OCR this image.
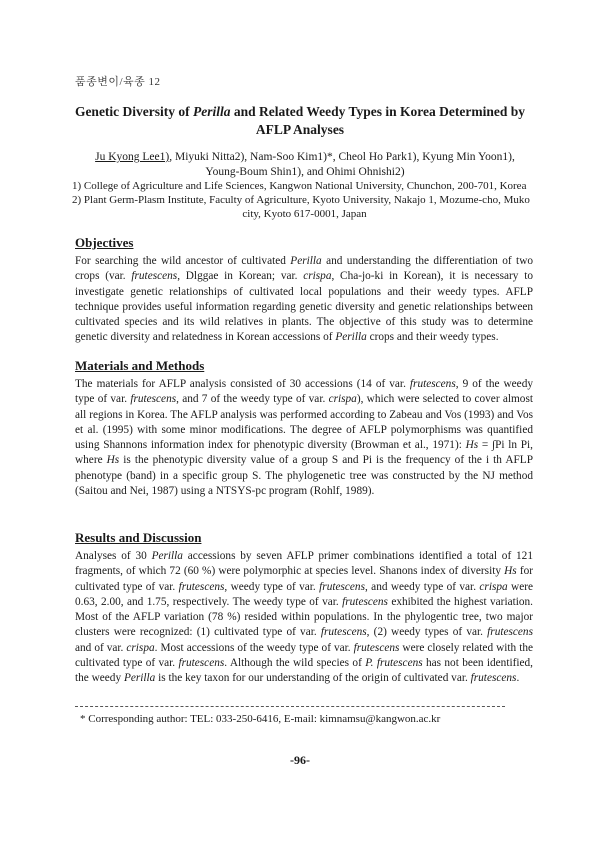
품종변이/육종 12
Genetic Diversity of Perilla and Related Weedy Types in Korea Determined by AFLP Analyses
Ju Kyong Lee1), Miyuki Nitta2), Nam-Soo Kim1)*, Cheol Ho Park1), Kyung Min Yoon1), Young-Boum Shin1), and Ohimi Ohnishi2)

1) College of Agriculture and Life Sciences, Kangwon National University, Chunchon, 200-701, Korea

2) Plant Germ-Plasm Institute, Faculty of Agriculture, Kyoto University, Nakajo 1, Mozume-cho, Muko

city, Kyoto 617-0001, Japan

Objectives

For searching the wild ancestor of cultivated Perilla and understanding the differentiation of two crops (var. frutescens, Dlggae in Korean; var. crispa, Cha-jo-ki in Korean), it is necessary to investigate genetic relationships of cultivated local populations and their weedy types. AFLP technique provides useful information regarding genetic diversity and genetic relationships between cultivated species and its wild relatives in plants. The objective of this study was to determine genetic diversity and relatedness in Korean accessions of Perilla crops and their weedy types.

Materials and Methods

The materials for AFLP analysis consisted of 30 accessions (14 of var. frutescens, 9 of the weedy type of var. frutescens, and 7 of the weedy type of var. crispa), which were selected to cover almost all regions in Korea. The AFLP analysis was performed according to Zabeau and Vos (1993) and Vos et al. (1995) with some minor modifications. The degree of AFLP polymorphisms was quantified using Shannons information index for phenotypic diversity (Browman et al., 1971): Hs = ∫Pi ln Pi, where Hs is the phenotypic diversity value of a group S and Pi is the frequency of the i th AFLP phenotype (band) in a specific group S. The phylogenetic tree was constructed by the NJ method (Saitou and Nei, 1987) using a NTSYS-pc program (Rohlf, 1989).

Results and Discussion

Analyses of 30 Perilla accessions by seven AFLP primer combinations identified a total of 121 fragments, of which 72 (60 %) were polymorphic at species level. Shanons index of diversity Hs for cultivated type of var. frutescens, weedy type of var. frutescens, and weedy type of var. crispa were 0.63, 2.00, and 1.75, respectively. The weedy type of var. frutescens exhibited the highest variation. Most of the AFLP variation (78 %) resided within populations. In the phylogentic tree, two major clusters were recognized: (1) cultivated type of var. frutescens, (2) weedy types of var. frutescens and of var. crispa. Most accessions of the weedy type of var. frutescens were closely related with the cultivated type of var. frutescens. Although the wild species of P. frutescens has not been identified, the weedy Perilla is the key taxon for our understanding of the origin of cultivated var. frutescens.

* Corresponding author: TEL: 033-250-6416, E-mail: kimnamsu@kangwon.ac.kr
-96-
